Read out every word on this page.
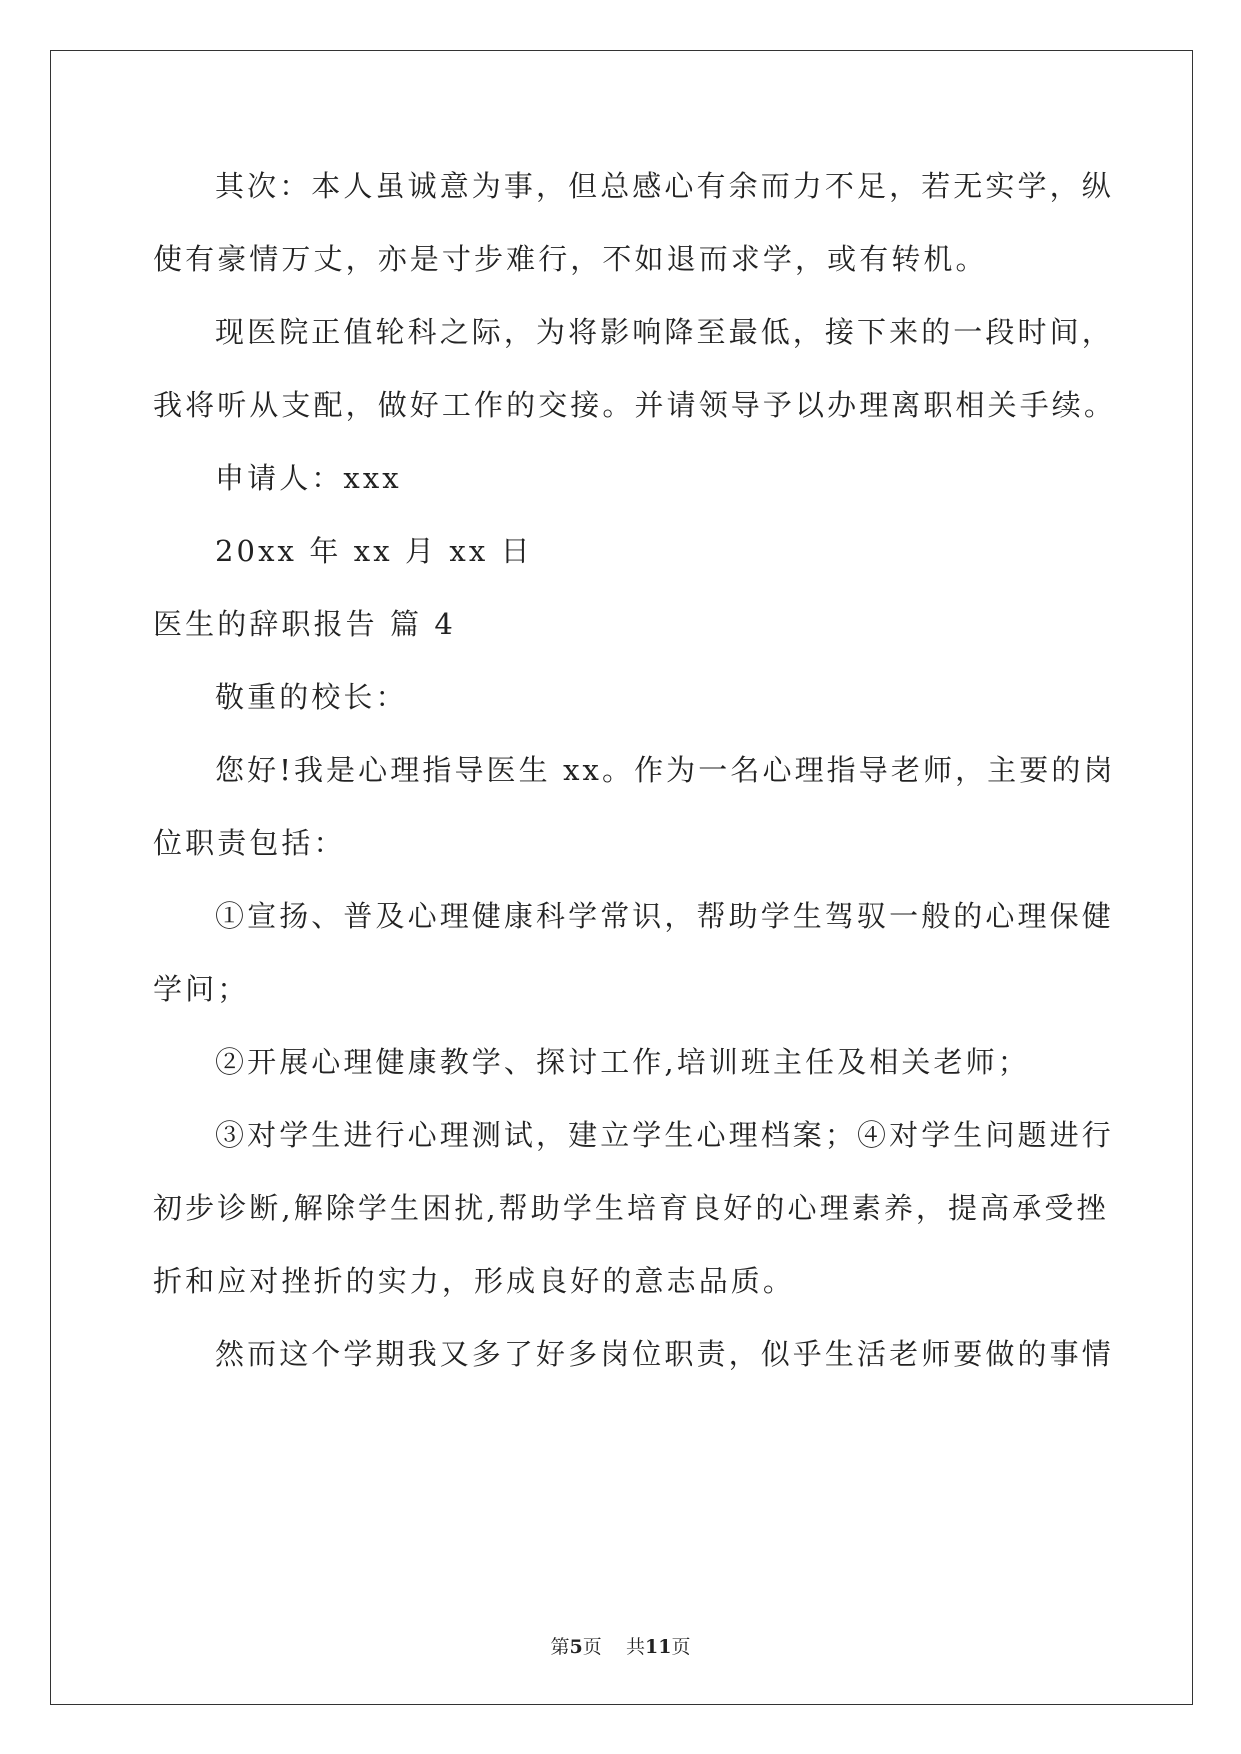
其次：本人虽诚意为事，但总感心有余而力不足，若无实学，纵
使有豪情万丈，亦是寸步难行，不如退而求学，或有转机。
现医院正值轮科之际，为将影响降至最低，接下来的一段时间，
我将听从支配，做好工作的交接。并请领导予以办理离职相关手续。
申请人：xxx
20xx 年 xx 月 xx 日
医生的辞职报告 篇 4
敬重的校长：
您好!我是心理指导医生 xx。作为一名心理指导老师，主要的岗
位职责包括：
①宣扬、普及心理健康科学常识，帮助学生驾驭一般的心理保健
学问；
②开展心理健康教学、探讨工作,培训班主任及相关老师；
③对学生进行心理测试，建立学生心理档案；④对学生问题进行
初步诊断,解除学生困扰,帮助学生培育良好的心理素养，提高承受挫
折和应对挫折的实力，形成良好的意志品质。
然而这个学期我又多了好多岗位职责，似乎生活老师要做的事情
第5页 共11页
